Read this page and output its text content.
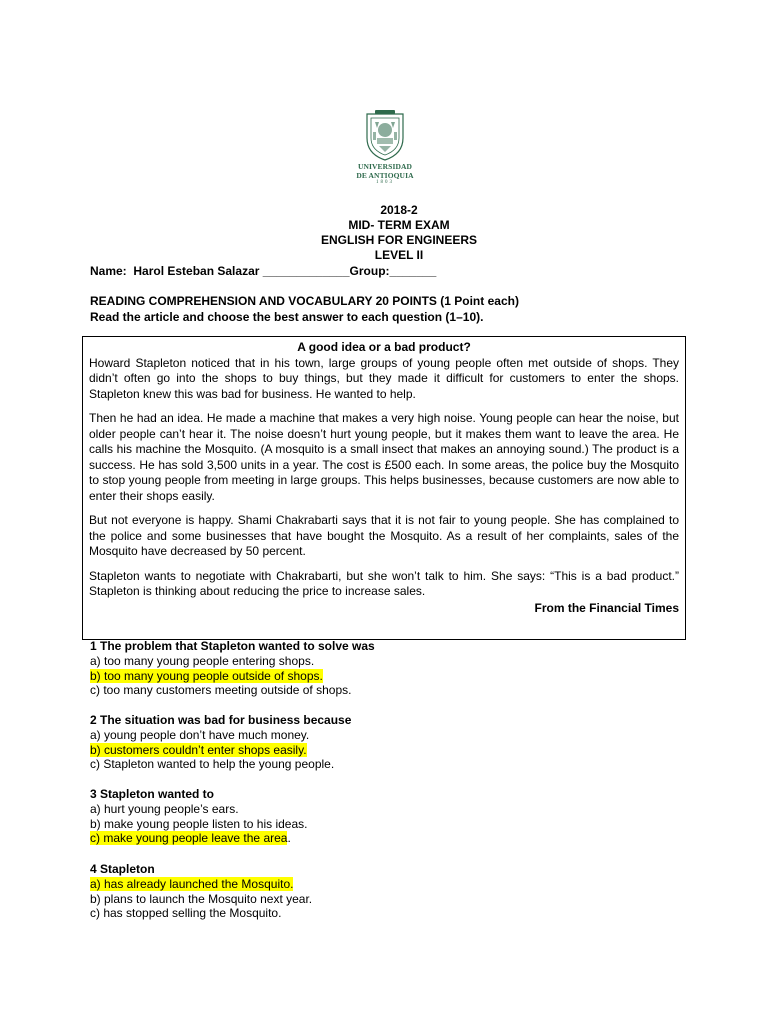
UNIVERSIDAD
DE ANTIOQUIA
1803
2018-2
MID- TERM EXAM
ENGLISH FOR ENGINEERS
LEVEL II
Name: Harol Esteban Salazar _____________Group:_______
READING COMPREHENSION AND VOCABULARY 20 POINTS (1 Point each)
Read the article and choose the best answer to each question (1–10).
A good idea or a bad product?

Howard Stapleton noticed that in his town, large groups of young people often met outside of shops. They didn’t often go into the shops to buy things, but they made it difficult for customers to enter the shops. Stapleton knew this was bad for business. He wanted to help.

Then he had an idea. He made a machine that makes a very high noise. Young people can hear the noise, but older people can’t hear it. The noise doesn’t hurt young people, but it makes them want to leave the area. He calls his machine the Mosquito. (A mosquito is a small insect that makes an annoying sound.) The product is a success. He has sold 3,500 units in a year. The cost is £500 each. In some areas, the police buy the Mosquito to stop young people from meeting in large groups. This helps businesses, because customers are now able to enter their shops easily.

But not everyone is happy. Shami Chakrabarti says that it is not fair to young people. She has complained to the police and some businesses that have bought the Mosquito. As a result of her complaints, sales of the Mosquito have decreased by 50 percent.

Stapleton wants to negotiate with Chakrabarti, but she won’t talk to him. She says: “This is a bad product.” Stapleton is thinking about reducing the price to increase sales.

From the Financial Times
1 The problem that Stapleton wanted to solve was
a) too many young people entering shops.
b) too many young people outside of shops.
c) too many customers meeting outside of shops.
2 The situation was bad for business because
a) young people don’t have much money.
b) customers couldn’t enter shops easily.
c) Stapleton wanted to help the young people.
3 Stapleton wanted to
a) hurt young people’s ears.
b) make young people listen to his ideas.
c) make young people leave the area.
4 Stapleton
a) has already launched the Mosquito.
b) plans to launch the Mosquito next year.
c) has stopped selling the Mosquito.
